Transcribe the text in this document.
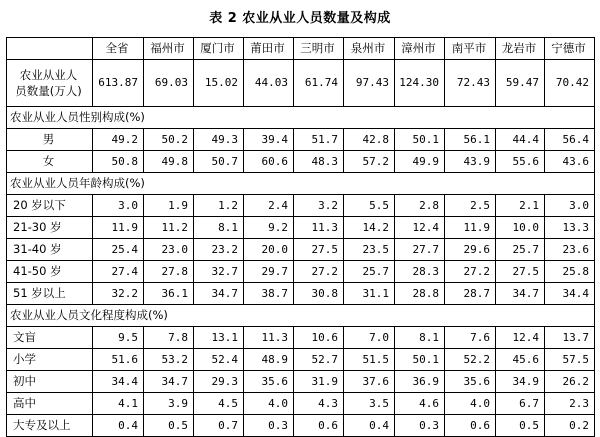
表 2 农业从业人员数量及构成
	全省	福州市	厦门市	莆田市	三明市	泉州市	漳州市	南平市	龙岩市	宁德市

农业从业人
员数量(万人)	613.87	69.03	15.02	44.03	61.74	97.43	124.30	72.43	59.47	70.42
农业从业人员性别构成(%)										
男	49.2	50.2	49.3	39.4	51.7	42.8	50.1	56.1	44.4	56.4
女	50.8	49.8	50.7	60.6	48.3	57.2	49.9	43.9	55.6	43.6
农业从业人员年龄构成(%)										
20 岁以下	3.0	1.9	1.2	2.4	3.2	5.5	2.8	2.5	2.1	3.0
21-30 岁	11.9	11.2	8.1	9.2	11.3	14.2	12.4	11.9	10.0	13.3
31-40 岁	25.4	23.0	23.2	20.0	27.5	23.5	27.7	29.6	25.7	23.6
41-50 岁	27.4	27.8	32.7	29.7	27.2	25.7	28.3	27.2	27.5	25.8
51 岁以上	32.2	36.1	34.7	38.7	30.8	31.1	28.8	28.7	34.7	34.4
农业从业人员文化程度构成(%)										
文盲	9.5	7.8	13.1	11.3	10.6	7.0	8.1	7.6	12.4	13.7
小学	51.6	53.2	52.4	48.9	52.7	51.5	50.1	52.2	45.6	57.5
初中	34.4	34.7	29.3	35.6	31.9	37.6	36.9	35.6	34.9	26.2
高中	4.1	3.9	4.5	4.0	4.3	3.5	4.6	4.0	6.7	2.3
大专及以上	0.4	0.5	0.7	0.3	0.6	0.4	0.3	0.6	0.5	0.2
